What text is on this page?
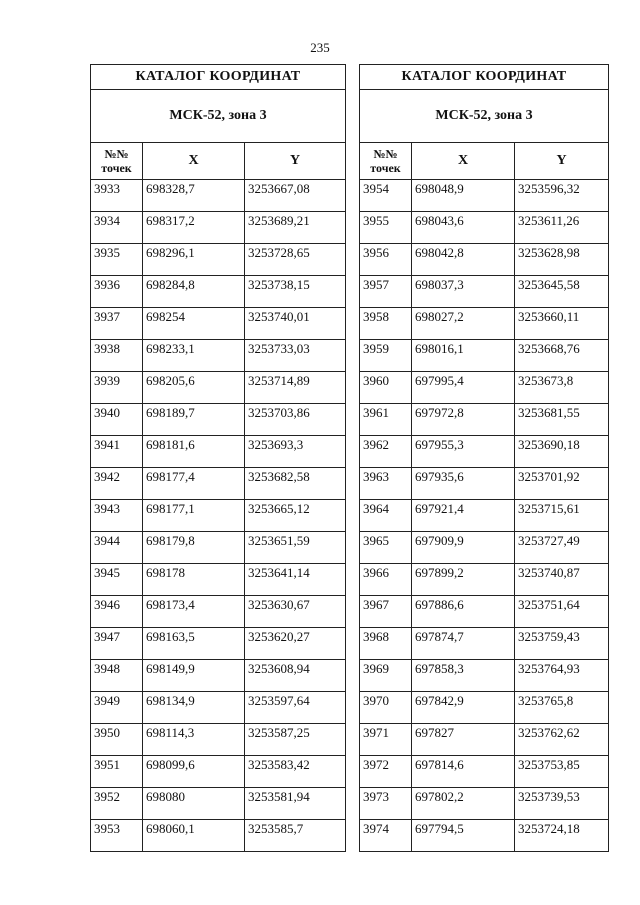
235
КАТАЛОГ КООРДИНАТ		
МСК-52, зона 3		
№№
точек	X	Y
3933	698328,7	3253667,08
3934	698317,2	3253689,21
3935	698296,1	3253728,65
3936	698284,8	3253738,15
3937	698254	3253740,01
3938	698233,1	3253733,03
3939	698205,6	3253714,89
3940	698189,7	3253703,86
3941	698181,6	3253693,3
3942	698177,4	3253682,58
3943	698177,1	3253665,12
3944	698179,8	3253651,59
3945	698178	3253641,14
3946	698173,4	3253630,67
3947	698163,5	3253620,27
3948	698149,9	3253608,94
3949	698134,9	3253597,64
3950	698114,3	3253587,25
3951	698099,6	3253583,42
3952	698080	3253581,94
3953	698060,1	3253585,7
КАТАЛОГ КООРДИНАТ		
МСК-52, зона 3		
№№
точек	X	Y
3954	698048,9	3253596,32
3955	698043,6	3253611,26
3956	698042,8	3253628,98
3957	698037,3	3253645,58
3958	698027,2	3253660,11
3959	698016,1	3253668,76
3960	697995,4	3253673,8
3961	697972,8	3253681,55
3962	697955,3	3253690,18
3963	697935,6	3253701,92
3964	697921,4	3253715,61
3965	697909,9	3253727,49
3966	697899,2	3253740,87
3967	697886,6	3253751,64
3968	697874,7	3253759,43
3969	697858,3	3253764,93
3970	697842,9	3253765,8
3971	697827	3253762,62
3972	697814,6	3253753,85
3973	697802,2	3253739,53
3974	697794,5	3253724,18
